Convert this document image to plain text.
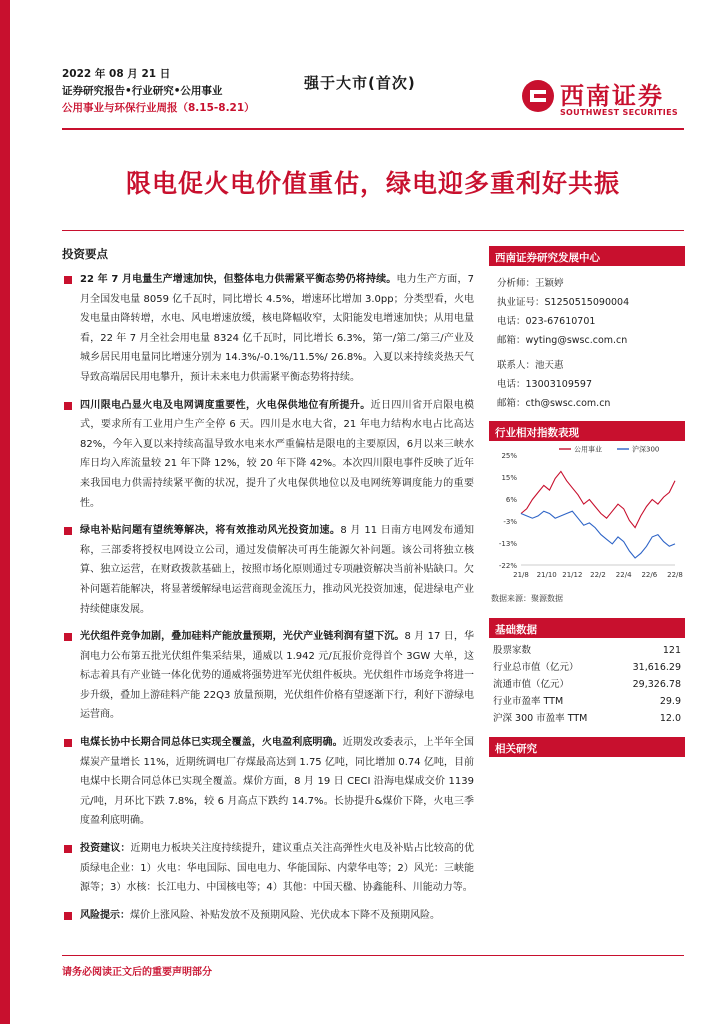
2022 年 08 月 21 日
证券研究报告•行业研究•公用事业
公用事业与环保行业周报（8.15-8.21）
强于大市(首次)	西南证券
SOUTHWEST SECURITIES
限电促火电价值重估，绿电迎多重利好共振
投资要点
22 年 7 月电量生产增速加快，但整体电力供需紧平衡态势仍将持续。电力生产方面，7 月全国发电量 8059 亿千瓦时，同比增长 4.5%，增速环比增加 3.0pp；分类型看，火电发电量由降转增，水电、风电增速放缓，核电降幅收窄，太阳能发电增速加快；从用电量看，22 年 7 月全社会用电量 8324 亿千瓦时，同比增长 6.3%，第一/第二/第三/产业及城乡居民用电量同比增速分别为 14.3%/-0.1%/11.5%/ 26.8%。入夏以来持续炎热天气导致高端居民用电攀升，预计未来电力供需紧平衡态势将持续。
四川限电凸显火电及电网调度重要性，火电保供地位有所提升。近日四川省开启限电模式，要求所有工业用户生产全停 6 天。四川是水电大省，21 年电力结构水电占比高达 82%，今年入夏以来持续高温导致水电来水严重偏枯是限电的主要原因，6月以来三峡水库日均入库流量较 21 年下降 12%，较 20 年下降 42%。本次四川限电事件反映了近年来我国电力供需持续紧平衡的状况，提升了火电保供地位以及电网统筹调度能力的重要性。
绿电补贴问题有望统筹解决，将有效推动风光投资加速。8 月 11 日南方电网发布通知称，三部委将授权电网设立公司，通过发债解决可再生能源欠补问题。该公司将独立核算、独立运营，在财政拨款基础上，按照市场化原则通过专项融资解决当前补贴缺口。欠补问题若能解决，将显著缓解绿电运营商现金流压力，推动风光投资加速，促进绿电产业持续健康发展。
光伏组件竞争加剧，叠加硅料产能放量预期，光伏产业链利润有望下沉。8 月 17 日，华润电力公布第五批光伏组件集采结果，通威以 1.942 元/瓦报价竞得首个 3GW 大单，这标志着具有产业链一体化优势的通威将强势进军光伏组件板块。光伏组件市场竞争将进一步升级，叠加上游硅料产能 22Q3 放量预期，光伏组件价格有望逐渐下行，利好下游绿电运营商。
电煤长协中长期合同总体已实现全覆盖，火电盈利底明确。近期发改委表示，上半年全国煤炭产量增长 11%，近期统调电厂存煤最高达到 1.75 亿吨，同比增加 0.74 亿吨，目前电煤中长期合同总体已实现全覆盖。煤价方面，8 月 19 日 CECI 沿海电煤成交价 1139 元/吨，月环比下跌 7.8%，较 6 月高点下跌约 14.7%。长协提升&煤价下降，火电三季度盈利底明确。
投资建议：近期电力板块关注度持续提升，建议重点关注高弹性火电及补贴占比较高的优质绿电企业：1）火电：华电国际、国电电力、华能国际、内蒙华电等；2）风光：三峡能源等；3）水核：长江电力、中国核电等；4）其他：中国天楹、协鑫能科、川能动力等。
风险提示：煤价上涨风险、补贴发放不及预期风险、光伏成本下降不及预期风险。
西南证券研究发展中心
分析师：王颖婷
执业证号：S1250515090004
电话：023-67610701
邮箱：wyting@swsc.com.cn
联系人：池天惠
电话：13003109597
邮箱：cth@swsc.com.cn
行业相对指数表现
25%
15%
6%
-3%
-13%
-22%
21/8 21/10 21/12 22/2 22/4 22/6 22/8
公用事业	沪深300
数据来源：聚源数据
基础数据
股票家数	121
行业总市值（亿元）	31,616.29
流通市值（亿元）	29,326.78
行业市盈率 TTM	29.9
沪深 300 市盈率 TTM	12.0
相关研究
请务必阅读正文后的重要声明部分
